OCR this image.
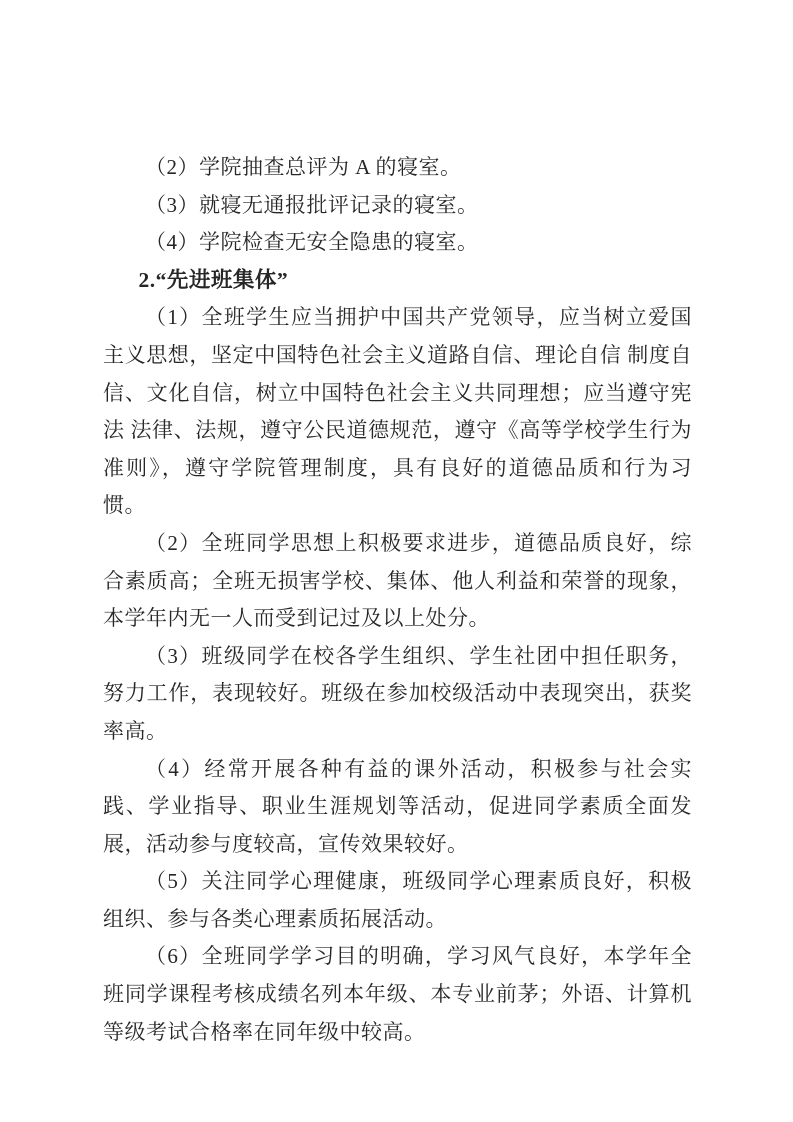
（2）学院抽查总评为 A 的寝室。

（3）就寝无通报批评记录的寝室。

（4）学院检查无安全隐患的寝室。

2.“先进班集体”

（1）全班学生应当拥护中国共产党领导，应当树立爱国主义思想，坚定中国特色社会主义道路自信、理论自信 制度自信、文化自信，树立中国特色社会主义共同理想；应当遵守宪法 法律、法规，遵守公民道德规范，遵守《高等学校学生行为准则》，遵守学院管理制度，具有良好的道德品质和行为习惯。

（2）全班同学思想上积极要求进步，道德品质良好，综合素质高；全班无损害学校、集体、他人利益和荣誉的现象，本学年内无一人而受到记过及以上处分。

（3）班级同学在校各学生组织、学生社团中担任职务，努力工作，表现较好。班级在参加校级活动中表现突出，获奖率高。

（4）经常开展各种有益的课外活动，积极参与社会实践、学业指导、职业生涯规划等活动，促进同学素质全面发展，活动参与度较高，宣传效果较好。

（5）关注同学心理健康，班级同学心理素质良好，积极组织、参与各类心理素质拓展活动。

（6）全班同学学习目的明确，学习风气良好，本学年全班同学课程考核成绩名列本年级、本专业前茅；外语、计算机等级考试合格率在同年级中较高。
